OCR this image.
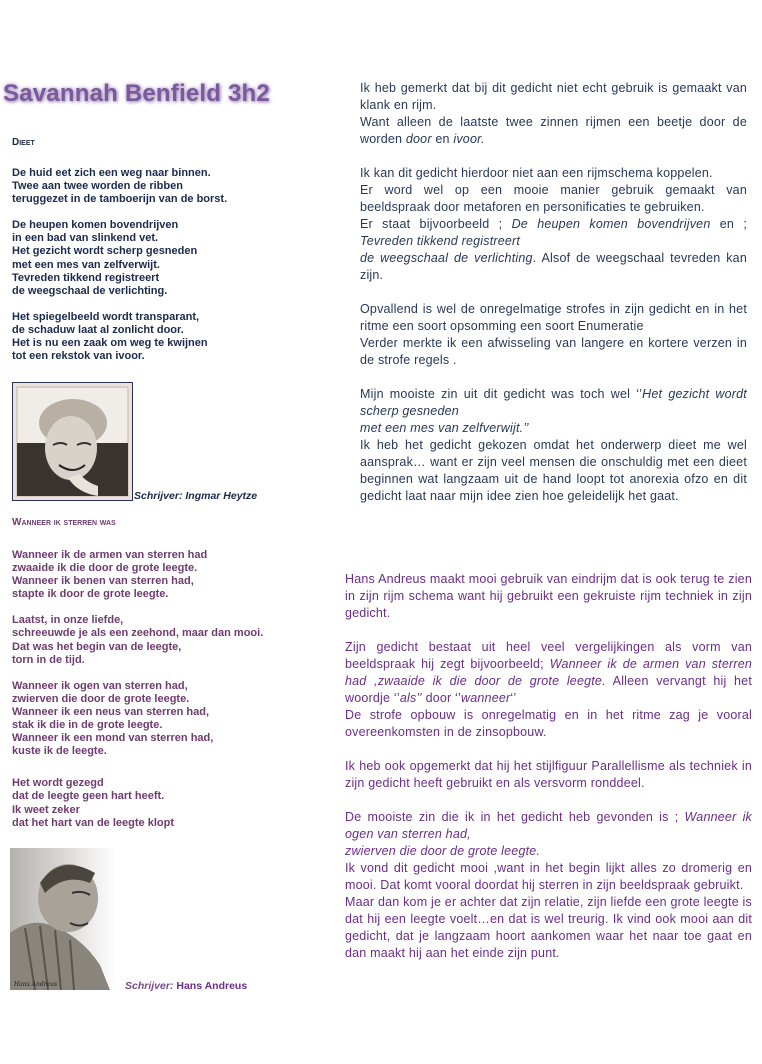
Savannah Benfield 3h2
Dieet
De huid eet zich een weg naar binnen.
Twee aan twee worden de ribben
teruggezet in de tamboerijn van de borst.
De heupen komen bovendrijven
in een bad van slinkend vet.
Het gezicht wordt scherp gesneden
met een mes van zelfverwijt.
Tevreden tikkend registreert
de weegschaal de verlichting.
Het spiegelbeeld wordt transparant,
de schaduw laat al zonlicht door.
Het is nu een zaak om weg te kwijnen
tot een rekstok van ivoor.
Schrijver: Ingmar Heytze
Wanneer ik sterren was
Wanneer ik de armen van sterren had
zwaaide ik die door de grote leegte.
Wanneer ik benen van sterren had,
stapte ik door de grote leegte.
Laatst, in onze liefde,
schreeuwde je als een zeehond, maar dan mooi.
Dat was het begin van de leegte,
torn in de tijd.
Wanneer ik ogen van sterren had,
zwierven die door de grote leegte.
Wanneer ik een neus van sterren had,
stak ik die in de grote leegte.
Wanneer ik een mond van sterren had,
kuste ik de leegte.
Het wordt gezegd
dat de leegte geen hart heeft.
Ik weet zeker
dat het hart van de leegte klopt
Hans Andreus	Schrijver: Hans Andreus

Ik heb gemerkt dat bij dit gedicht niet echt gebruik is gemaakt van klank en rijm.
Want alleen de laatste twee zinnen rijmen een beetje door de worden door en ivoor.

Ik kan dit gedicht hierdoor niet aan een rijmschema koppelen.
Er word wel op een mooie manier gebruik gemaakt van beeldspraak door metaforen en personificaties te gebruiken.
Er staat bijvoorbeeld ; De heupen komen bovendrijven en ; Tevreden tikkend registreert
de weegschaal de verlichting. Alsof de weegschaal tevreden kan zijn.

Opvallend is wel de onregelmatige strofes in zijn gedicht en in het ritme een soort opsomming een soort Enumeratie
Verder merkte ik een afwisseling van langere en kortere verzen in de strofe regels .

Mijn mooiste zin uit dit gedicht was toch wel ‘’Het gezicht wordt scherp gesneden
met een mes van zelfverwijt.’’
Ik heb het gedicht gekozen omdat het onderwerp dieet me wel aansprak… want er zijn veel mensen die onschuldig met een dieet beginnen wat langzaam uit de hand loopt tot anorexia ofzo en dit gedicht laat naar mijn idee zien hoe geleidelijk het gaat.

Hans Andreus maakt mooi gebruik van eindrijm dat is ook terug te zien in zijn rijm schema want hij gebruikt een gekruiste rijm techniek in zijn gedicht.

Zijn gedicht bestaat uit heel veel vergelijkingen als vorm van beeldspraak hij zegt bijvoorbeeld; Wanneer ik de armen van sterren had ,zwaaide ik die door de grote leegte. Alleen vervangt hij het woordje ‘’als’’ door ‘’wanneer‘’
De strofe opbouw is onregelmatig en in het ritme zag je vooral overeenkomsten in de zinsopbouw.

Ik heb ook opgemerkt dat hij het stijlfiguur Parallellisme als techniek in zijn gedicht heeft gebruikt en als versvorm ronddeel.

De mooiste zin die ik in het gedicht heb gevonden is ; Wanneer ik ogen van sterren had,
zwierven die door de grote leegte.
Ik vond dit gedicht mooi ,want in het begin lijkt alles zo dromerig en mooi. Dat komt vooral doordat hij sterren in zijn beeldspraak gebruikt.
Maar dan kom je er achter dat zijn relatie, zijn liefde een grote leegte is dat hij een leegte voelt…en dat is wel treurig. Ik vind ook mooi aan dit gedicht, dat je langzaam hoort aankomen waar het naar toe gaat en dan maakt hij aan het einde zijn punt.
